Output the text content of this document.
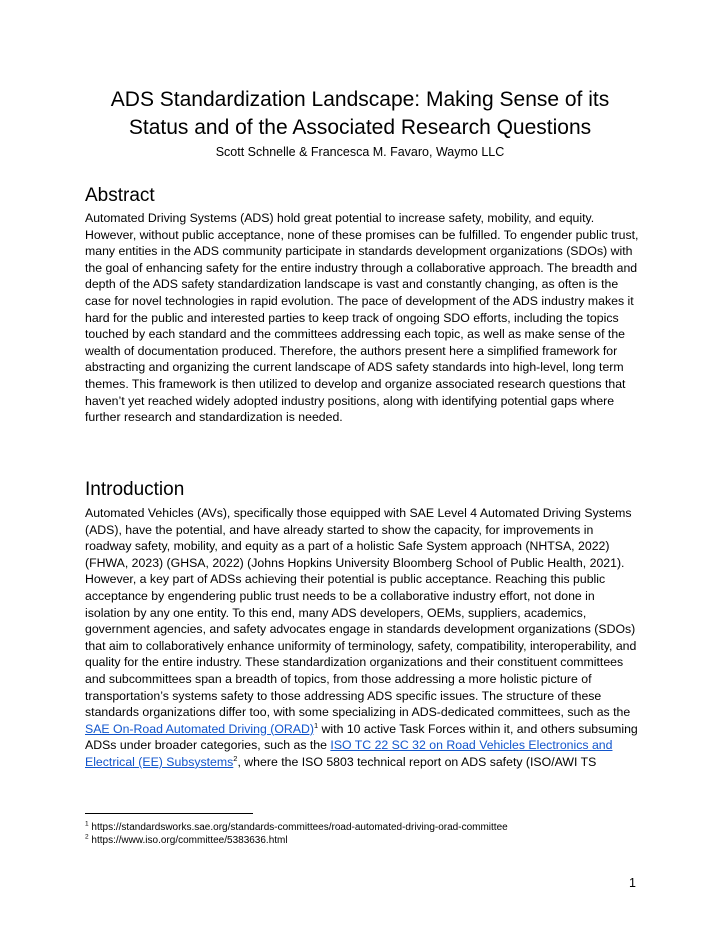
ADS Standardization Landscape: Making Sense of its
Status and of the Associated Research Questions

Scott Schnelle & Francesca M. Favaro, Waymo LLC

Abstract

Automated Driving Systems (ADS) hold great potential to increase safety, mobility, and equity. However, without public acceptance, none of these promises can be fulfilled. To engender public trust, many entities in the ADS community participate in standards development organizations (SDOs) with the goal of enhancing safety for the entire industry through a collaborative approach. The breadth and depth of the ADS safety standardization landscape is vast and constantly changing, as often is the case for novel technologies in rapid evolution. The pace of development of the ADS industry makes it hard for the public and interested parties to keep track of ongoing SDO efforts, including the topics touched by each standard and the committees addressing each topic, as well as make sense of the wealth of documentation produced. Therefore, the authors present here a simplified framework for abstracting and organizing the current landscape of ADS safety standards into high-level, long term themes. This framework is then utilized to develop and organize associated research questions that haven’t yet reached widely adopted industry positions, along with identifying potential gaps where further research and standardization is needed.

Introduction

Automated Vehicles (AVs), specifically those equipped with SAE Level 4 Automated Driving Systems (ADS), have the potential, and have already started to show the capacity, for improvements in roadway safety, mobility, and equity as a part of a holistic Safe System approach (NHTSA, 2022) (FHWA, 2023) (GHSA, 2022) (Johns Hopkins University Bloomberg School of Public Health, 2021). However, a key part of ADSs achieving their potential is public acceptance. Reaching this public acceptance by engendering public trust needs to be a collaborative industry effort, not done in isolation by any one entity. To this end, many ADS developers, OEMs, suppliers, academics, government agencies, and safety advocates engage in standards development organizations (SDOs) that aim to collaboratively enhance uniformity of terminology, safety, compatibility, interoperability, and quality for the entire industry. These standardization organizations and their constituent committees and subcommittees span a breadth of topics, from those addressing a more holistic picture of transportation’s systems safety to those addressing ADS specific issues. The structure of these standards organizations differ too, with some specializing in ADS-dedicated committees, such as the SAE On-Road Automated Driving (ORAD)$^1$ with 10 active Task Forces within it, and others subsuming ADSs under broader categories, such as the ISO TC 22 SC 32 on Road Vehicles Electronics and Electrical (EE) Subsystems$^2$, where the ISO 5803 technical report on ADS safety (ISO/AWI TS

$^1$ https://standardsworks.sae.org/standards-committees/road-automated-driving-orad-committee

$^2$ https://www.iso.org/committee/5383636.html

1
